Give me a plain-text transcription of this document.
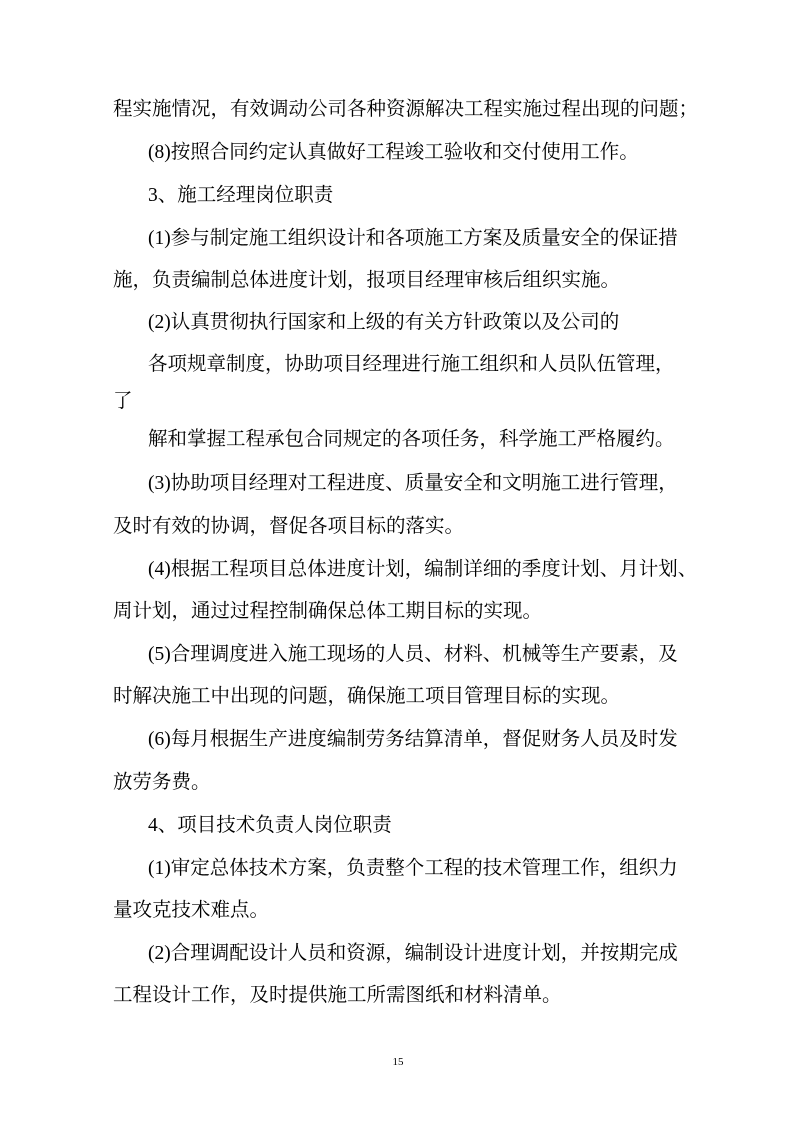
程实施情况，有效调动公司各种资源解决工程实施过程出现的问题；
(8)按照合同约定认真做好工程竣工验收和交付使用工作。
3、施工经理岗位职责
(1)参与制定施工组织设计和各项施工方案及质量安全的保证措
施，负责编制总体进度计划，报项目经理审核后组织实施。
(2)认真贯彻执行国家和上级的有关方针政策以及公司的
各项规章制度，协助项目经理进行施工组织和人员队伍管理，
了
解和掌握工程承包合同规定的各项任务，科学施工严格履约。
(3)协助项目经理对工程进度、质量安全和文明施工进行管理，
及时有效的协调，督促各项目标的落实。
(4)根据工程项目总体进度计划，编制详细的季度计划、月计划、
周计划，通过过程控制确保总体工期目标的实现。
(5)合理调度进入施工现场的人员、材料、机械等生产要素，及
时解决施工中出现的问题，确保施工项目管理目标的实现。
(6)每月根据生产进度编制劳务结算清单，督促财务人员及时发
放劳务费。
4、项目技术负责人岗位职责
(1)审定总体技术方案，负责整个工程的技术管理工作，组织力
量攻克技术难点。
(2)合理调配设计人员和资源，编制设计进度计划，并按期完成
工程设计工作，及时提供施工所需图纸和材料清单。
15
